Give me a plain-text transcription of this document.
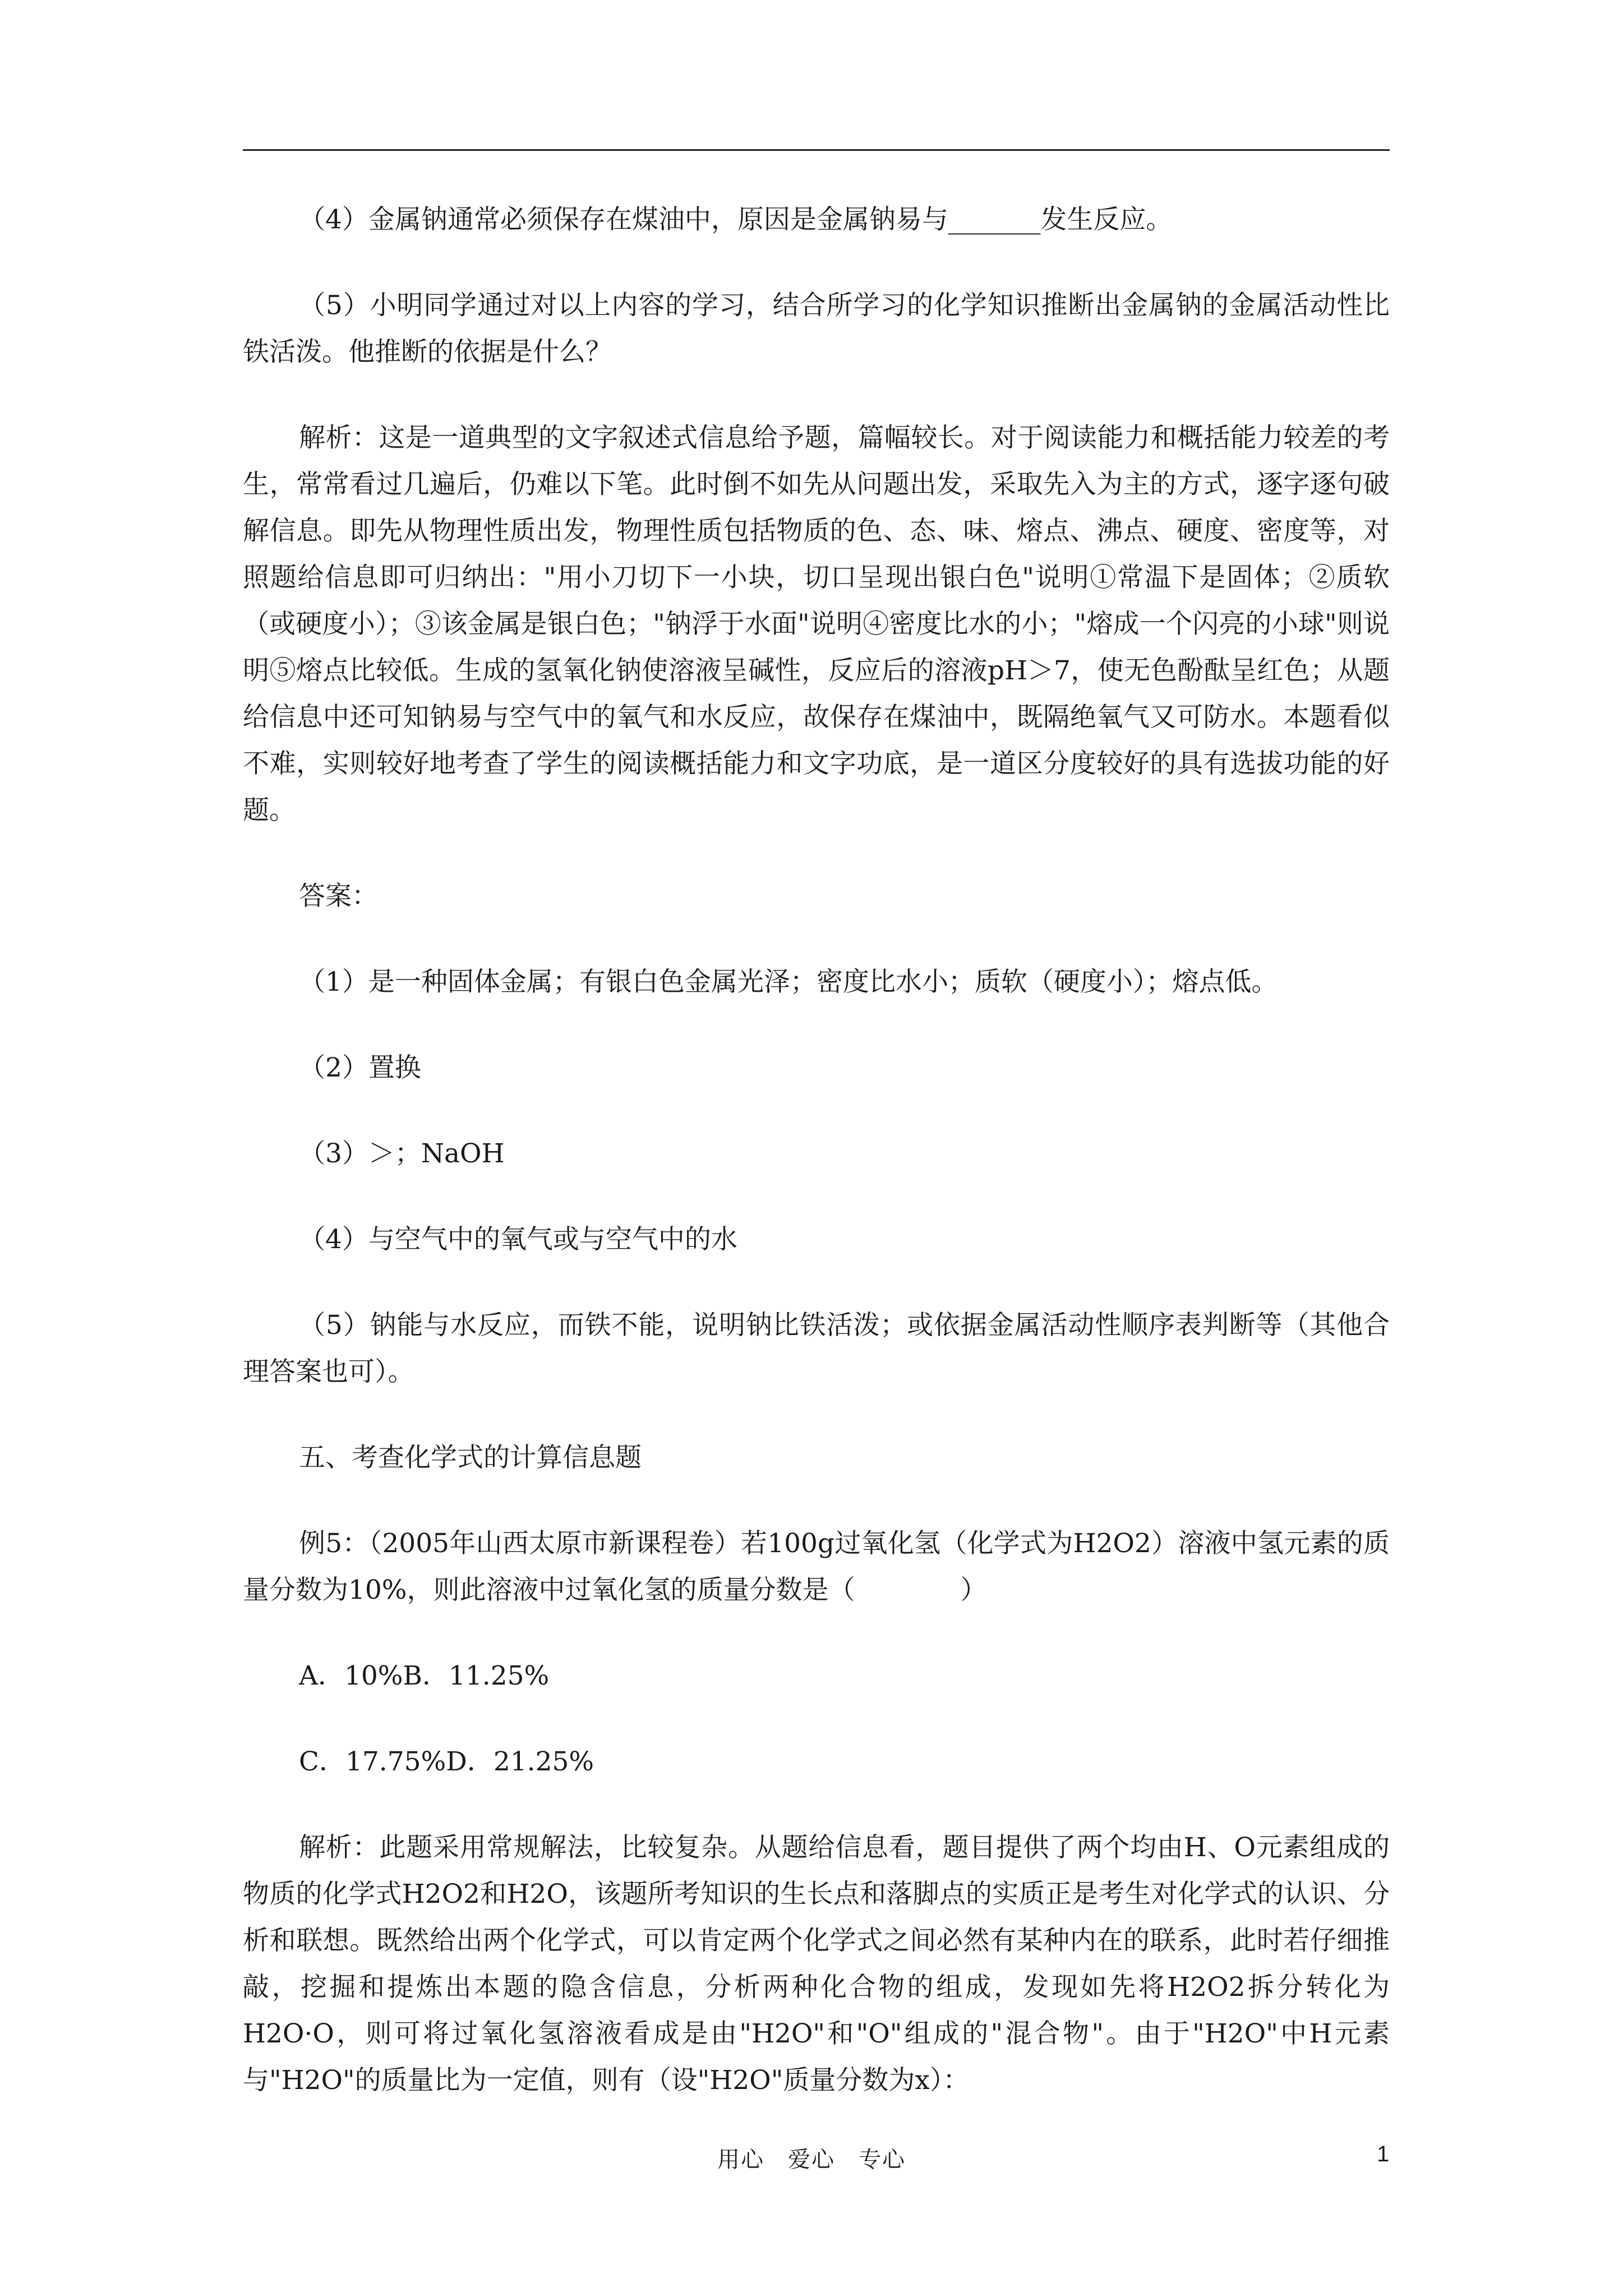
（4）金属钠通常必须保存在煤油中，原因是金属钠易与_______发生反应。

（5）小明同学通过对以上内容的学习，结合所学习的化学知识推断出金属钠的金属活动性比铁活泼。他推断的依据是什么？

解析：这是一道典型的文字叙述式信息给予题，篇幅较长。对于阅读能力和概括能力较差的考生，常常看过几遍后，仍难以下笔。此时倒不如先从问题出发，采取先入为主的方式，逐字逐句破解信息。即先从物理性质出发，物理性质包括物质的色、态、味、熔点、沸点、硬度、密度等，对照题给信息即可归纳出："用小刀切下一小块，切口呈现出银白色"说明①常温下是固体；②质软（或硬度小）；③该金属是银白色；"钠浮于水面"说明④密度比水的小；"熔成一个闪亮的小球"则说明⑤熔点比较低。生成的氢氧化钠使溶液呈碱性，反应后的溶液pH＞7，使无色酚酞呈红色；从题给信息中还可知钠易与空气中的氧气和水反应，故保存在煤油中，既隔绝氧气又可防水。本题看似不难，实则较好地考查了学生的阅读概括能力和文字功底，是一道区分度较好的具有选拔功能的好题。

答案：

（1）是一种固体金属；有银白色金属光泽；密度比水小；质软（硬度小）；熔点低。

（2）置换

（3）＞；NaOH

（4）与空气中的氧气或与空气中的水

（5）钠能与水反应，而铁不能，说明钠比铁活泼；或依据金属活动性顺序表判断等（其他合理答案也可）。

五、考查化学式的计算信息题

例5：（2005年山西太原市新课程卷）若100g过氧化氢（化学式为H2O2）溶液中氢元素的质量分数为10%，则此溶液中过氧化氢的质量分数是（　　　　）

A．10%B．11.25%

C．17.75%D．21.25%

解析：此题采用常规解法，比较复杂。从题给信息看，题目提供了两个均由H、O元素组成的物质的化学式H2O2和H2O，该题所考知识的生长点和落脚点的实质正是考生对化学式的认识、分析和联想。既然给出两个化学式，可以肯定两个化学式之间必然有某种内在的联系，此时若仔细推敲，挖掘和提炼出本题的隐含信息，分析两种化合物的组成，发现如先将H2O2拆分转化为H2O·O，则可将过氧化氢溶液看成是由"H2O"和"O"组成的"混合物"。由于"H2O"中H元素与"H2O"的质量比为一定值，则有（设"H2O"质量分数为x）：

用心　爱心　专心	1
